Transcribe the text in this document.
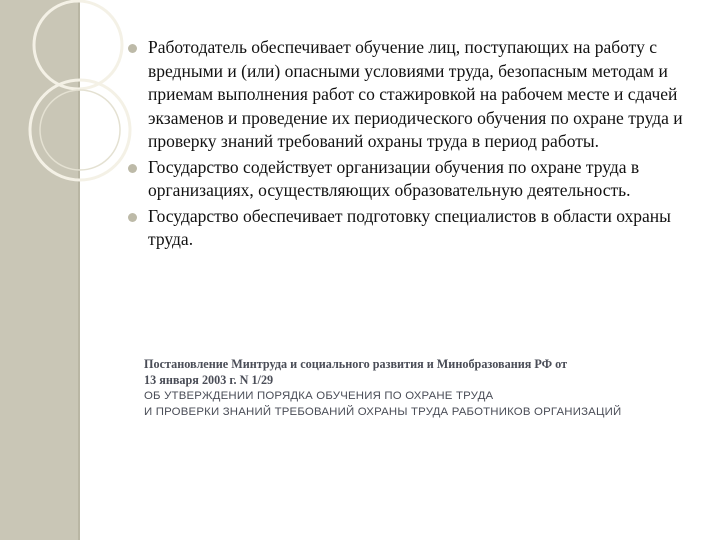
Работодатель обеспечивает обучение лиц, поступающих на работу с вредными и (или) опасными условиями труда, безопасным методам и приемам выполнения работ со стажировкой на рабочем месте и сдачей экзаменов и проведение их периодического обучения по охране труда и проверку знаний требований охраны труда в период работы.
Государство содействует организации обучения по охране труда в организациях, осуществляющих образовательную деятельность.
Государство обеспечивает подготовку специалистов в области охраны труда.
Постановление Минтруда и социального развития и Минобразования РФ от
13 января 2003 г. N 1/29
ОБ УТВЕРЖДЕНИИ ПОРЯДКА ОБУЧЕНИЯ ПО ОХРАНЕ ТРУДА
И ПРОВЕРКИ ЗНАНИЙ ТРЕБОВАНИЙ ОХРАНЫ ТРУДА РАБОТНИКОВ ОРГАНИЗАЦИЙ
